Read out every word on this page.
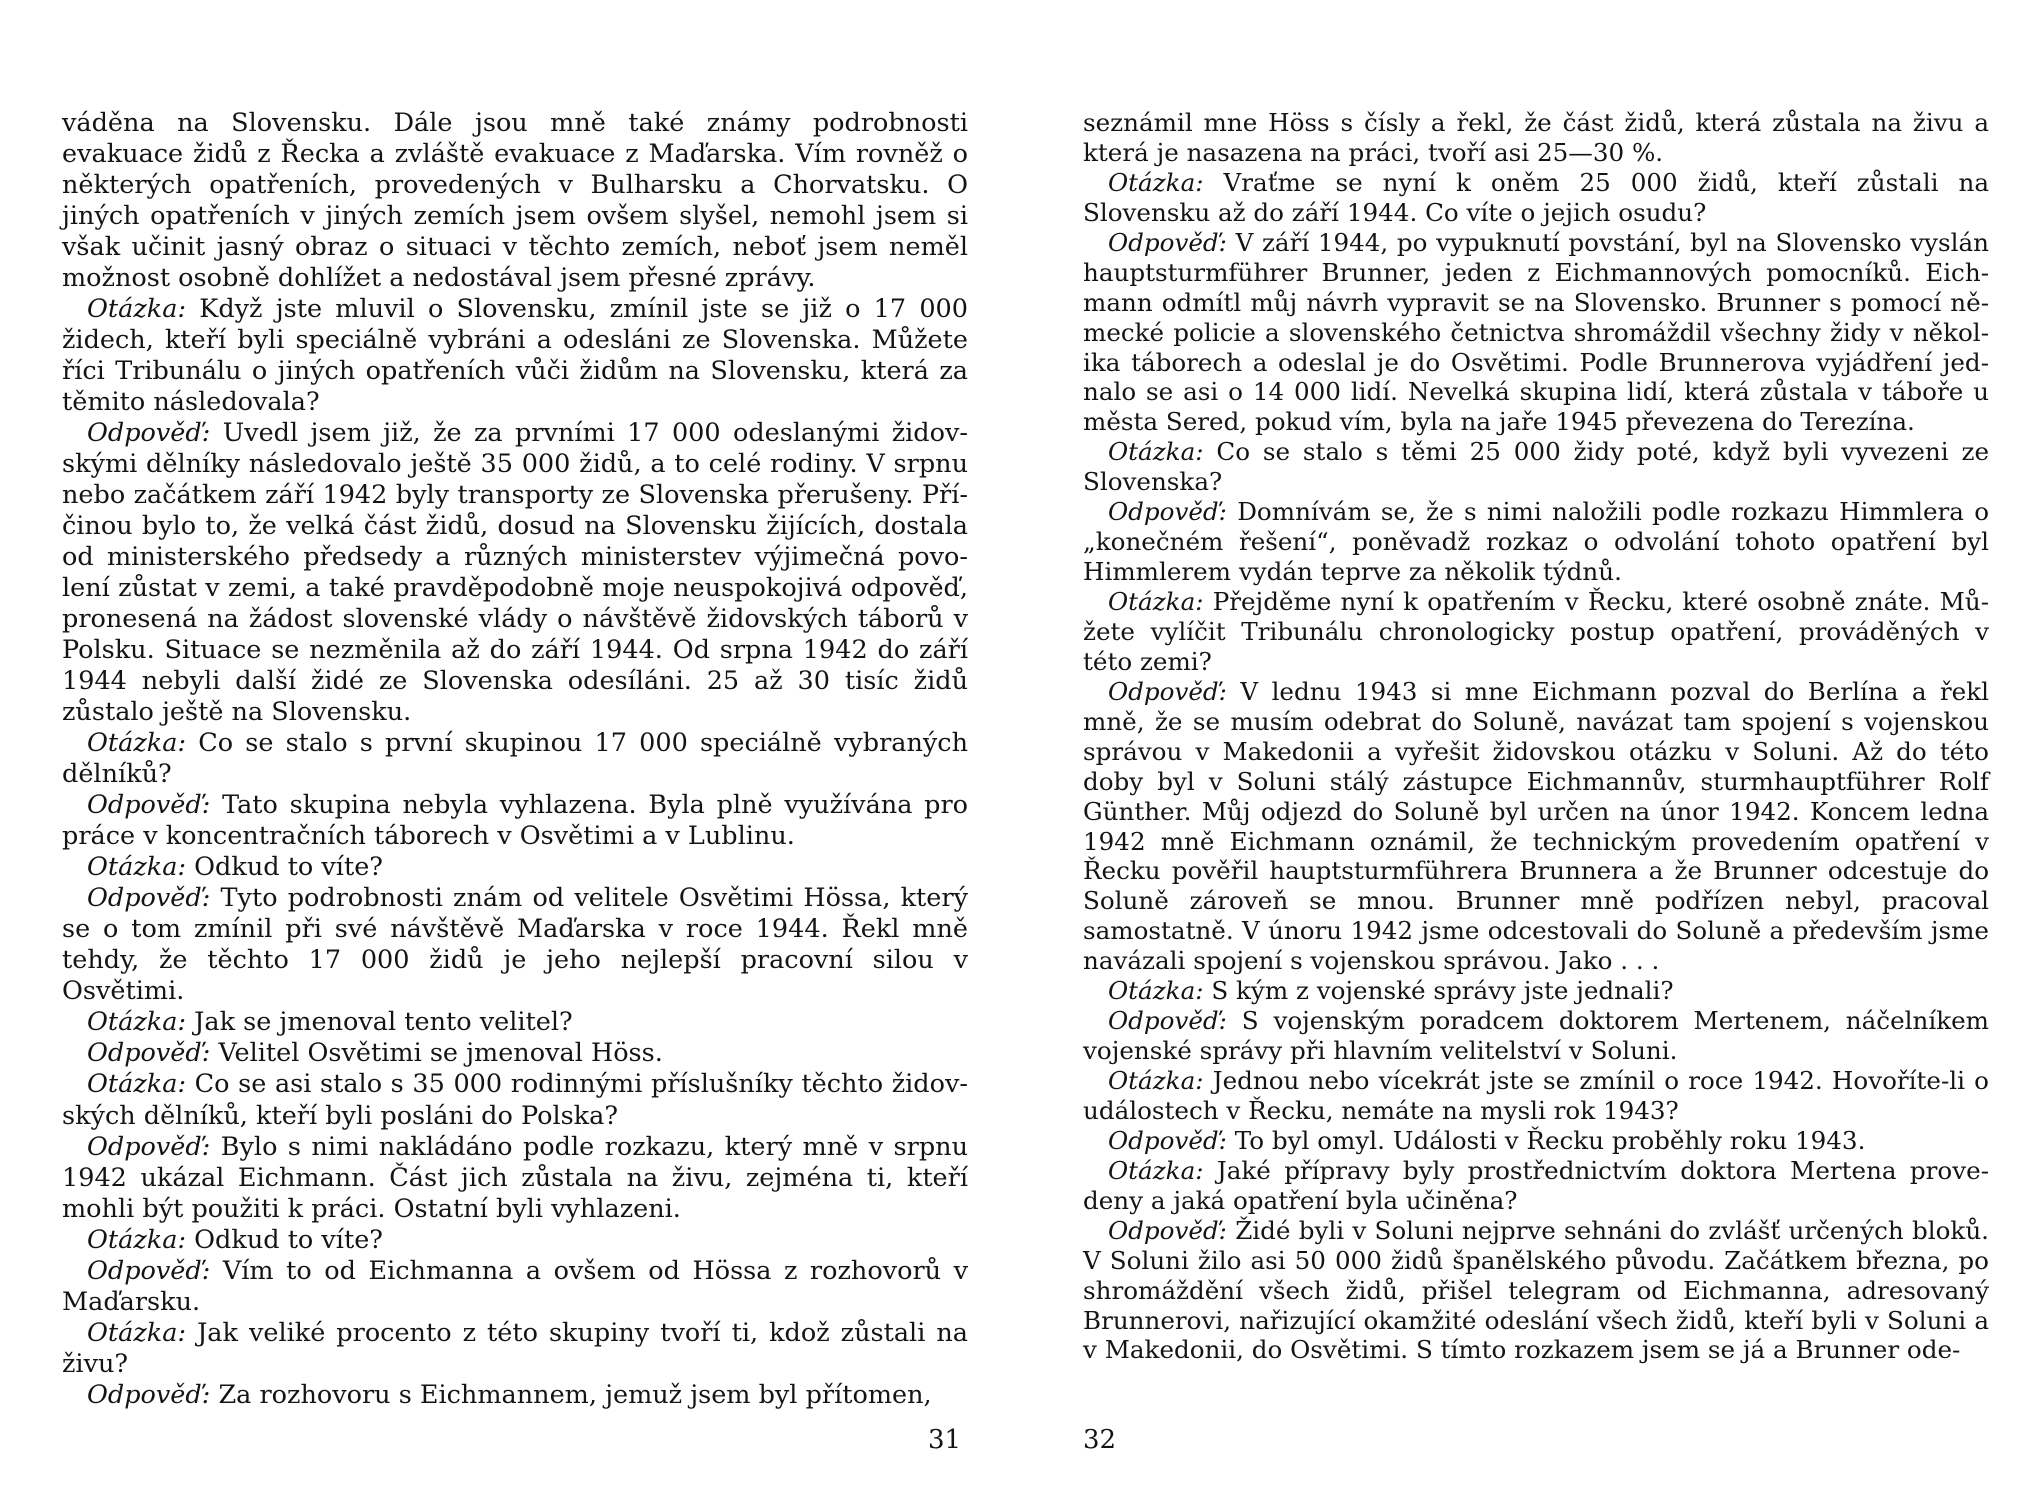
váděna na Slovensku. Dále jsou mně také známy podrobnosti evakuace židů z Řecka a zvláště evakuace z Maďarska. Vím rovněž o některých opatřeních, provedených v Bulharsku a Chorvatsku. O jiných opatřeních v jiných zemích jsem ovšem slyšel, nemohl jsem si však učinit jasný obraz o situaci v těchto zemích, neboť jsem neměl možnost osobně dohlížet a nedostával jsem přesné zprávy.

Otázka: Když jste mluvil o Slovensku, zmínil jste se již o 17 000 židech, kteří byli speciálně vybráni a odesláni ze Slovenska. Můžete říci Tribunálu o jiných opatřeních vůči židům na Slovensku, která za těmito následovala?

Odpověď: Uvedl jsem již, že za prvními 17 000 odeslanými židovskými dělníky následovalo ještě 35 000 židů, a to celé rodiny. V srpnu nebo začátkem září 1942 byly transporty ze Slovenska přerušeny. Příčinou bylo to, že velká část židů, dosud na Slovensku žijících, dostala od ministerského předsedy a různých ministerstev výjimečná povolení zůstat v zemi, a také pravděpodobně moje neuspokojivá odpověď, pronesená na žádost slovenské vlády o návštěvě židovských táborů v Polsku. Situace se nezměnila až do září 1944. Od srpna 1942 do září 1944 nebyli další židé ze Slovenska odesíláni. 25 až 30 tisíc židů zůstalo ještě na Slovensku.

Otázka: Co se stalo s první skupinou 17 000 speciálně vybraných dělníků?

Odpověď: Tato skupina nebyla vyhlazena. Byla plně využívána pro práce v koncentračních táborech v Osvětimi a v Lublinu.

Otázka: Odkud to víte?

Odpověď: Tyto podrobnosti znám od velitele Osvětimi Hössa, který se o tom zmínil při své návštěvě Maďarska v roce 1944. Řekl mně tehdy, že těchto 17 000 židů je jeho nejlepší pracovní silou v Osvětimi.

Otázka: Jak se jmenoval tento velitel?

Odpověď: Velitel Osvětimi se jmenoval Höss.

Otázka: Co se asi stalo s 35 000 rodinnými příslušníky těchto židovských dělníků, kteří byli posláni do Polska?

Odpověď: Bylo s nimi nakládáno podle rozkazu, který mně v srpnu 1942 ukázal Eichmann. Část jich zůstala na živu, zejména ti, kteří mohli být použiti k práci. Ostatní byli vyhlazeni.

Otázka: Odkud to víte?

Odpověď: Vím to od Eichmanna a ovšem od Hössa z rozhovorů v Maďarsku.

Otázka: Jak veliké procento z této skupiny tvoří ti, kdož zůstali na živu?

Odpověď: Za rozhovoru s Eichmannem, jemuž jsem byl přítomen,

seznámil mne Höss s čísly a řekl, že část židů, která zůstala na živu a která je nasazena na práci, tvoří asi 25—30 %.

Otázka: Vraťme se nyní k oněm 25 000 židů, kteří zůstali na Slovensku až do září 1944. Co víte o jejich osudu?

Odpověď: V září 1944, po vypuknutí povstání, byl na Slovensko vyslán hauptsturmführer Brunner, jeden z Eichmannových pomocníků. Eichmann odmítl můj návrh vypravit se na Slovensko. Brunner s pomocí německé policie a slovenského četnictva shromáždil všechny židy v několika táborech a odeslal je do Osvětimi. Podle Brunnerova vyjádření jednalo se asi o 14 000 lidí. Nevelká skupina lidí, která zůstala v táboře u města Sered, pokud vím, byla na jaře 1945 převezena do Terezína.

Otázka: Co se stalo s těmi 25 000 židy poté, když byli vyvezeni ze Slovenska?

Odpověď: Domnívám se, že s nimi naložili podle rozkazu Himmlera o „konečném řešení“, poněvadž rozkaz o odvolání tohoto opatření byl Himmlerem vydán teprve za několik týdnů.

Otázka: Přejděme nyní k opatřením v Řecku, které osobně znáte. Můžete vylíčit Tribunálu chronologicky postup opatření, prováděných v této zemi?

Odpověď: V lednu 1943 si mne Eichmann pozval do Berlína a řekl mně, že se musím odebrat do Soluně, navázat tam spojení s vojenskou správou v Makedonii a vyřešit židovskou otázku v Soluni. Až do této doby byl v Soluni stálý zástupce Eichmannův, sturmhauptführer Rolf Günther. Můj odjezd do Soluně byl určen na únor 1942. Koncem ledna 1942 mně Eichmann oznámil, že technickým provedením opatření v Řecku pověřil hauptsturmführera Brunnera a že Brunner odcestuje do Soluně zároveň se mnou. Brunner mně podřízen nebyl, pracoval samostatně. V únoru 1942 jsme odcestovali do Soluně a především jsme navázali spojení s vojenskou správou. Jako . . .

Otázka: S kým z vojenské správy jste jednali?

Odpověď: S vojenským poradcem doktorem Mertenem, náčelníkem vojenské správy při hlavním velitelství v Soluni.

Otázka: Jednou nebo vícekrát jste se zmínil o roce 1942. Hovoříte-li o událostech v Řecku, nemáte na mysli rok 1943?

Odpověď: To byl omyl. Události v Řecku proběhly roku 1943.

Otázka: Jaké přípravy byly prostřednictvím doktora Mertena provedeny a jaká opatření byla učiněna?

Odpověď: Židé byli v Soluni nejprve sehnáni do zvlášť určených bloků. V Soluni žilo asi 50 000 židů španělského původu. Začátkem března, po shromáždění všech židů, přišel telegram od Eichmanna, adresovaný Brunnerovi, nařizující okamžité odeslání všech židů, kteří byli v Soluni a v Makedonii, do Osvětimi. S tímto rozkazem jsem se já a Brunner ode-

31	32
